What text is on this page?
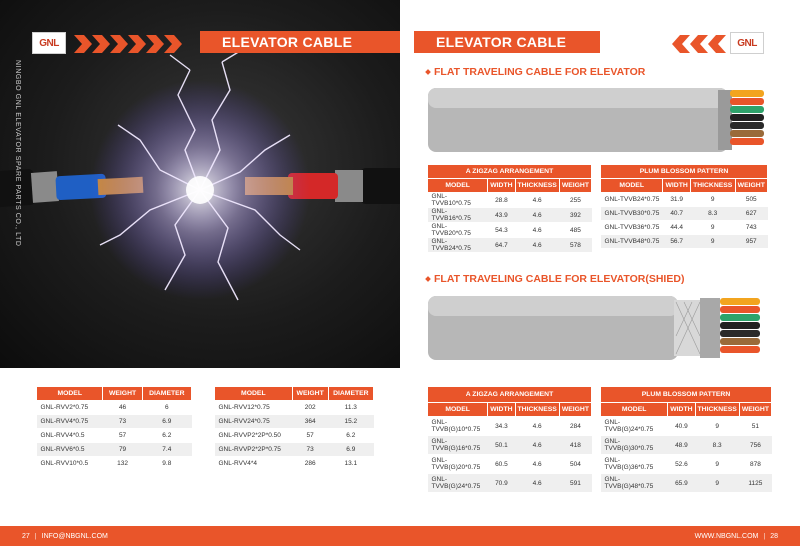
NINGBO GNL ELEVATOR SPARE PARTS CO., LTD
GNL	ELEVATOR CABLE
MODEL	WEIGHT	DIAMETER
GNL-RVV2*0.75	46	6
GNL-RVV4*0.75	73	6.9
GNL-RVV4*0.5	57	6.2
GNL-RVV6*0.5	79	7.4
GNL-RVV10*0.5	132	9.8
MODEL	WEIGHT	DIAMETER
GNL-RVV12*0.75	202	11.3
GNL-RVV24*0.75	364	15.2
GNL-RVVP2*2P*0.50	57	6.2
GNL-RVVP2*2P*0.75	73	6.9
GNL-RVV4*4	286	13.1
27 | INFO@NBGNL.COM
ELEVATOR CABLE	GNL
FLAT TRAVELING CABLE FOR ELEVATOR
A ZIGZAG ARRANGEMENT			
MODEL	WIDTH	THICKNESS	WEIGHT
GNL-TVVB10*0.75	28.8	4.6	255
GNL-TVVB16*0.75	43.9	4.6	392
GNL-TVVB20*0.75	54.3	4.6	485
GNL-TVVB24*0.75	64.7	4.6	578
PLUM BLOSSOM PATTERN			
MODEL	WIDTH	THICKNESS	WEIGHT
GNL-TVVB24*0.75	31.9	9	505
GNL-TVVB30*0.75	40.7	8.3	627
GNL-TVVB36*0.75	44.4	9	743
GNL-TVVB48*0.75	56.7	9	957
FLAT TRAVELING CABLE FOR ELEVATOR(SHIED)
A ZIGZAG ARRANGEMENT			
MODEL	WIDTH	THICKNESS	WEIGHT
GNL-TVVB(G)10*0.75	34.3	4.6	284
GNL-TVVB(G)16*0.75	50.1	4.6	418
GNL-TVVB(G)20*0.75	60.5	4.6	504
GNL-TVVB(G)24*0.75	70.9	4.6	591
PLUM BLOSSOM PATTERN			
MODEL	WIDTH	THICKNESS	WEIGHT
GNL-TVVB(G)24*0.75	40.9	9	51
GNL-TVVB(G)30*0.75	48.9	8.3	756
GNL-TVVB(G)36*0.75	52.6	9	878
GNL-TVVB(G)48*0.75	65.9	9	1125
WWW.NBGNL.COM | 28
